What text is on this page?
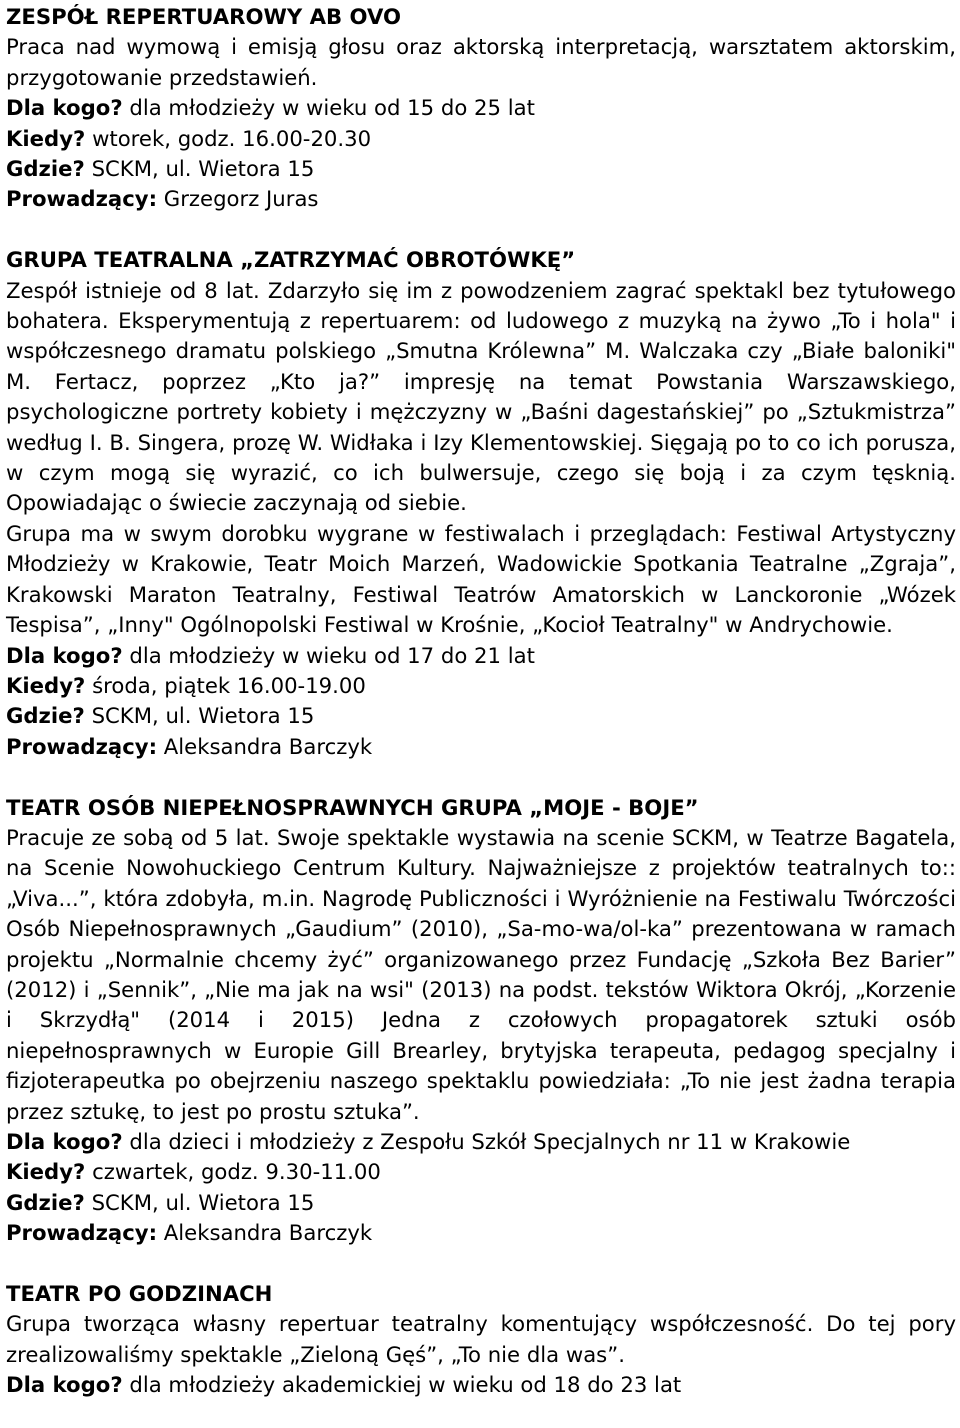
ZESPÓŁ REPERTUAROWY AB OVO

Praca nad wymową i emisją głosu oraz aktorską interpretacją, warsztatem aktorskim, przygotowanie przedstawień.

Dla kogo? dla młodzieży w wieku od 15 do 25 lat

Kiedy? wtorek, godz. 16.00-20.30

Gdzie? SCKM, ul. Wietora 15

Prowadzący: Grzegorz Juras

GRUPA TEATRALNA „ZATRZYMAĆ OBROTÓWKĘ”

Zespół istnieje od 8 lat. Zdarzyło się im z powodzeniem zagrać spektakl bez tytułowego bohatera. Eksperymentują z repertuarem: od ludowego z muzyką na żywo „To i hola" i współczesnego dramatu polskiego „Smutna Królewna” M. Walczaka czy „Białe baloniki" M. Fertacz, poprzez „Kto ja?” impresję na temat Powstania Warszawskiego, psychologiczne portrety kobiety i mężczyzny w „Baśni dagestańskiej” po „Sztukmistrza” według I. B. Singera, prozę W. Widłaka i Izy Klementowskiej. Sięgają po to co ich porusza, w czym mogą się wyrazić, co ich bulwersuje, czego się boją i za czym tęsknią. Opowiadając o świecie zaczynają od siebie.

Grupa ma w swym dorobku wygrane w festiwalach i przeglądach: Festiwal Artystyczny Młodzieży w Krakowie, Teatr Moich Marzeń, Wadowickie Spotkania Teatralne „Zgraja”, Krakowski Maraton Teatralny, Festiwal Teatrów Amatorskich w Lanckoronie „Wózek Tespisa”, „Inny" Ogólnopolski Festiwal w Krośnie, „Kocioł Teatralny" w Andrychowie.

Dla kogo? dla młodzieży w wieku od 17 do 21 lat

Kiedy? środa, piątek 16.00-19.00

Gdzie? SCKM, ul. Wietora 15

Prowadzący: Aleksandra Barczyk

TEATR OSÓB NIEPEŁNOSPRAWNYCH GRUPA „MOJE - BOJE”

Pracuje ze sobą od 5 lat. Swoje spektakle wystawia na scenie SCKM, w Teatrze Bagatela, na Scenie Nowohuckiego Centrum Kultury. Najważniejsze z projektów teatralnych to:: „Viva...”, która zdobyła, m.in. Nagrodę Publiczności i Wyróżnienie na Festiwalu Twórczości Osób Niepełnosprawnych „Gaudium” (2010), „Sa-mo-wa/ol-ka” prezentowana w ramach projektu „Normalnie chcemy żyć” organizowanego przez Fundację „Szkoła Bez Barier” (2012) i „Sennik”, „Nie ma jak na wsi" (2013) na podst. tekstów Wiktora Okrój, „Korzenie i Skrzydłą" (2014 i 2015) Jedna z czołowych propagatorek sztuki osób niepełnosprawnych w Europie Gill Brearley, brytyjska terapeuta, pedagog specjalny i fizjoterapeutka po obejrzeniu naszego spektaklu powiedziała: „To nie jest żadna terapia przez sztukę, to jest po prostu sztuka”.

Dla kogo? dla dzieci i młodzieży z Zespołu Szkół Specjalnych nr 11 w Krakowie

Kiedy? czwartek, godz. 9.30-11.00

Gdzie? SCKM, ul. Wietora 15

Prowadzący: Aleksandra Barczyk

TEATR PO GODZINACH

Grupa tworząca własny repertuar teatralny komentujący współczesność. Do tej pory zrealizowaliśmy spektakle „Zieloną Gęś”, „To nie dla was”.

Dla kogo? dla młodzieży akademickiej w wieku od 18 do 23 lat
